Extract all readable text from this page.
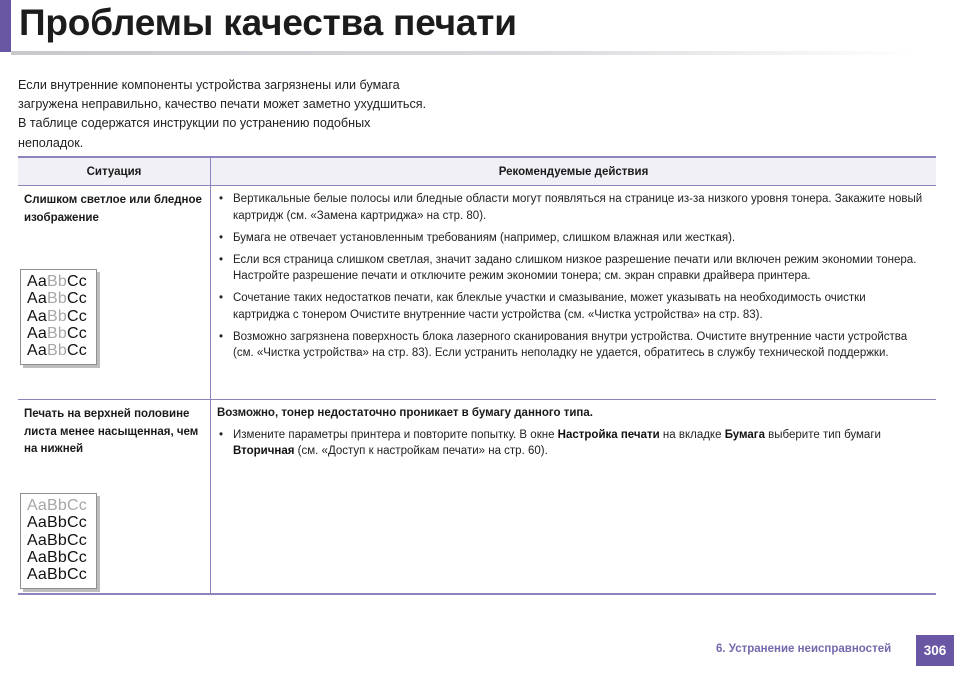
Проблемы качества печати

Если внутренние компоненты устройства загрязнены или бумага

загружена неправильно, качество печати может заметно ухудшиться.

В таблице содержатся инструкции по устранению подобных

неполадок.

Ситуация	Рекомендуемые действия
Слишком светлое или бледное изображение
AaBbCc
AaBbCc
AaBbCc
AaBbCc
AaBbCc
• Вертикальные белые полосы или бледные области могут появляться на странице из-за низкого уровня тонера. Закажите новый картридж (см. «Замена картриджа» на стр. 80).
• Бумага не отвечает установленным требованиям (например, слишком влажная или жесткая).
• Если вся страница слишком светлая, значит задано слишком низкое разрешение печати или включен режим экономии тонера. Настройте разрешение печати и отключите режим экономии тонера; см. экран справки драйвера принтера.
• Сочетание таких недостатков печати, как блеклые участки и смазывание, может указывать на необходимость очистки картриджа с тонером Очистите внутренние части устройства (см. «Чистка устройства» на стр. 83).
• Возможно загрязнена поверхность блока лазерного сканирования внутри устройства. Очистите внутренние части устройства (см. «Чистка устройства» на стр. 83). Если устранить неполадку не удается, обратитесь в службу технической поддержки.
Печать на верхней половине листа менее насыщенная, чем на нижней
AaBbCc
AaBbCc
AaBbCc
AaBbCc
AaBbCc
Возможно, тонер недостаточно проникает в бумагу данного типа.
• Измените параметры принтера и повторите попытку. В окне Настройка печати на вкладке Бумага выберите тип бумаги Вторичная (см. «Доступ к настройкам печати» на стр. 60).
6. Устранение неисправностей	306
